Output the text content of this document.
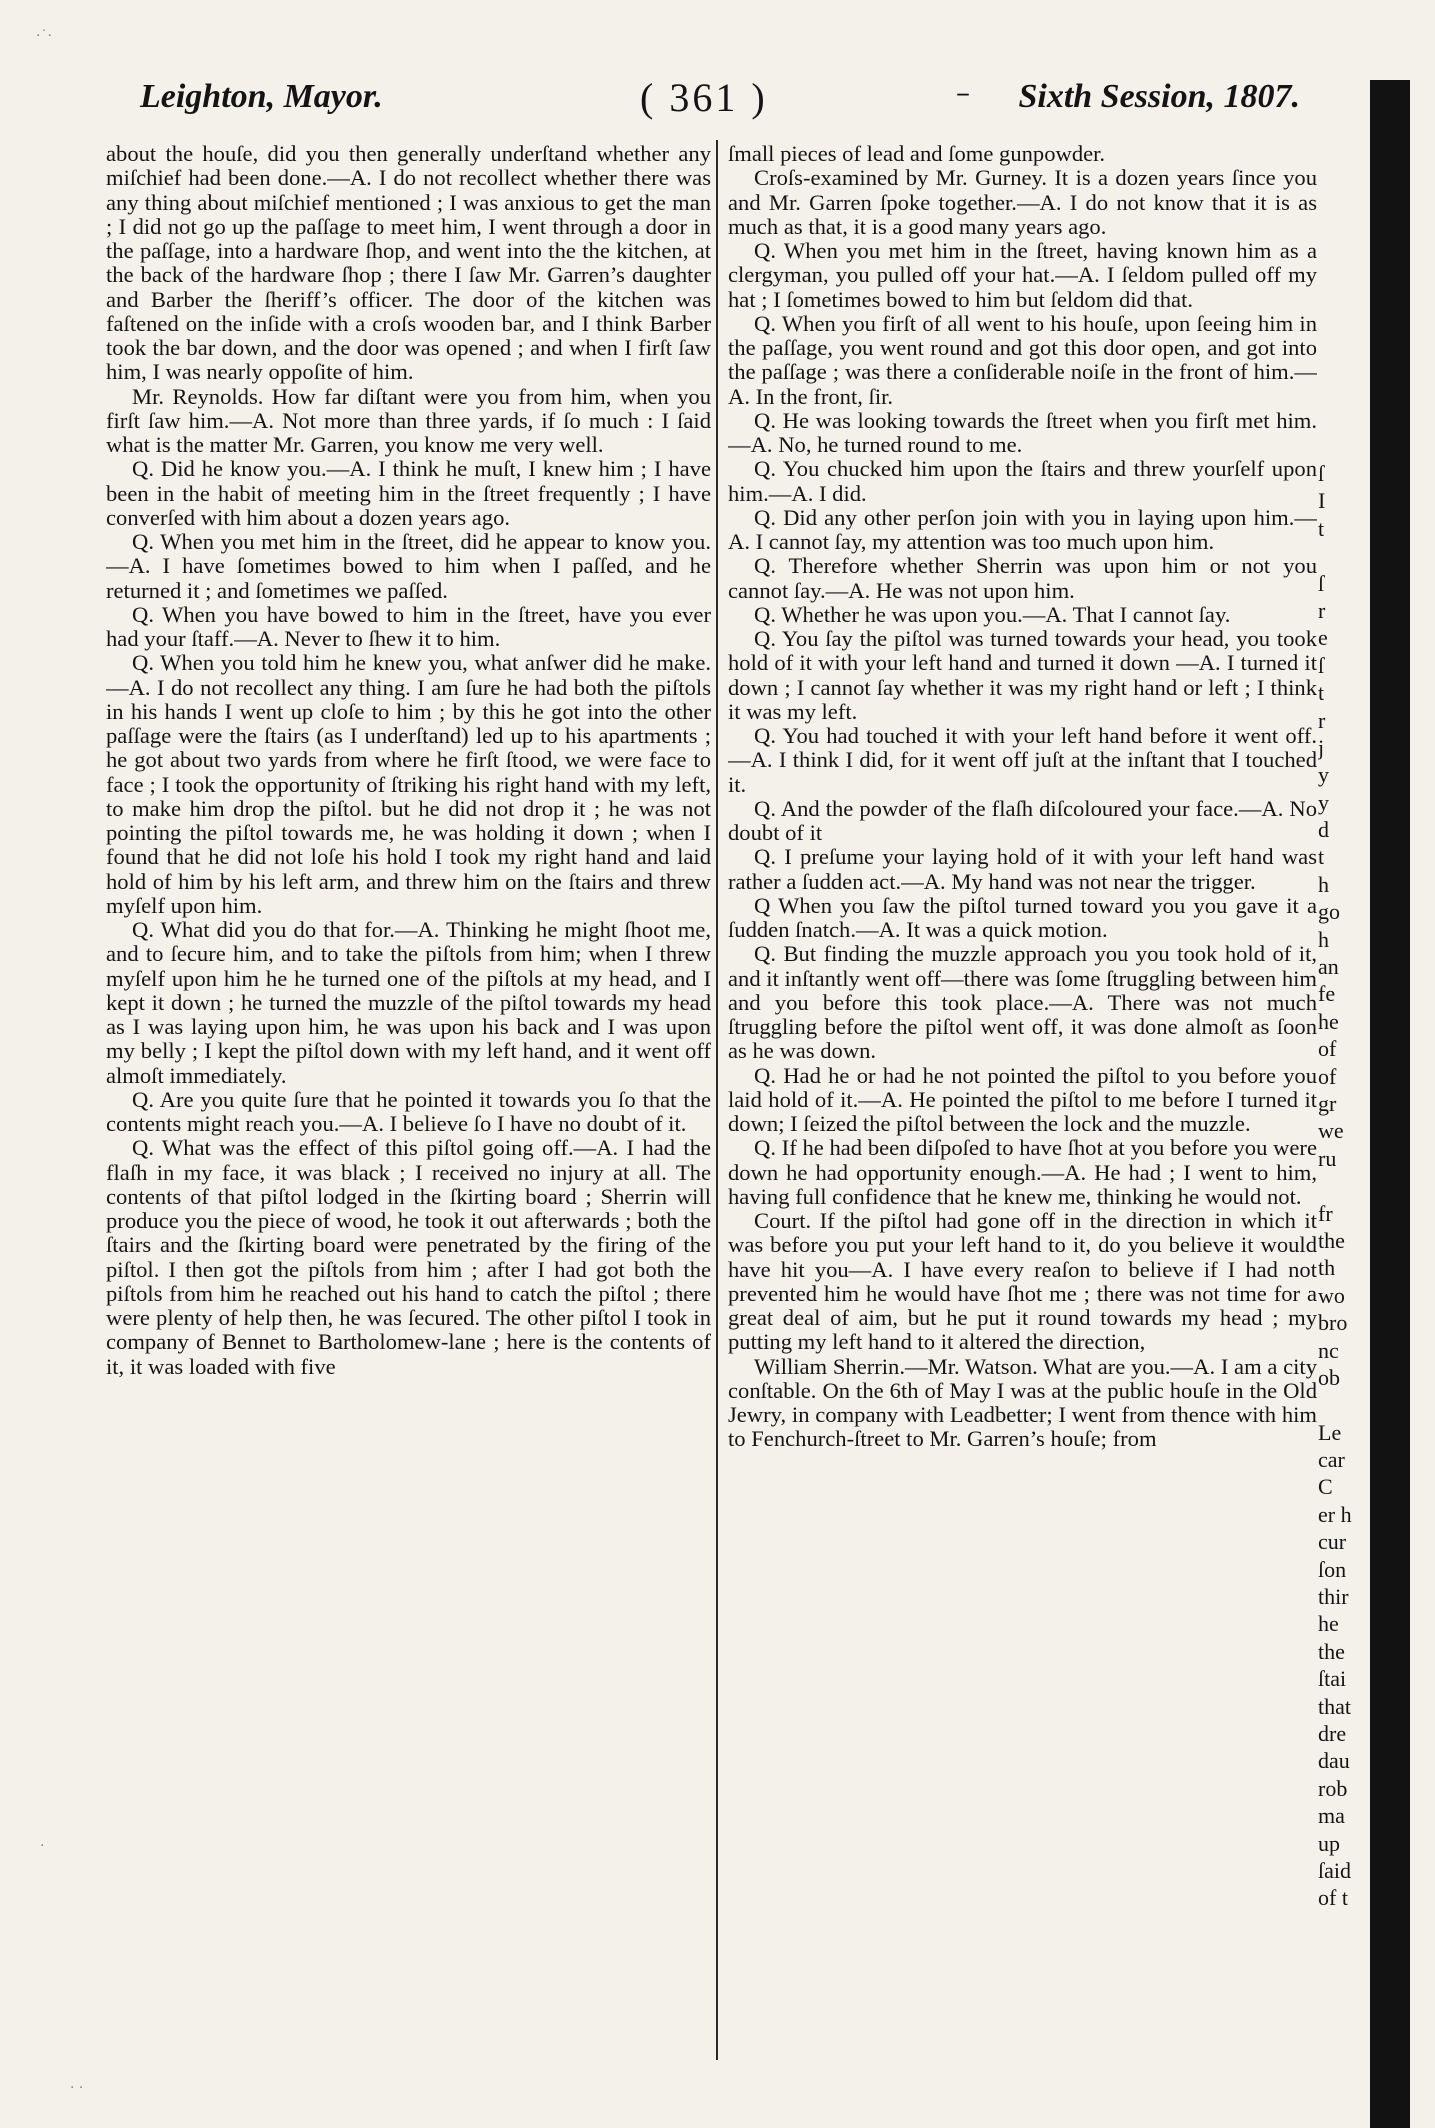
Leighton, Mayor.	( 361 )	– Sixth Session, 1807.

about the houſe, did you then generally underſtand whether any miſchief had been done.—A. I do not recollect whether there was any thing about miſchief mentioned ; I was anxious to get the man ; I did not go up the paſſage to meet him, I went through a door in the paſſage, into a hardware ſhop, and went into the the kitchen, at the back of the hardware ſhop ; there I ſaw Mr. Garren’s daughter and Barber the ſheriff’s officer. The door of the kitchen was faſtened on the inſide with a croſs wooden bar, and I think Barber took the bar down, and the door was opened ; and when I firſt ſaw him, I was nearly oppoſite of him.

Mr. Reynolds. How far diſtant were you from him, when you firſt ſaw him.—A. Not more than three yards, if ſo much : I ſaid what is the matter Mr. Garren, you know me very well.

Q. Did he know you.—A. I think he muſt, I knew him ; I have been in the habit of meeting him in the ſtreet frequently ; I have converſed with him about a dozen years ago.

Q. When you met him in the ſtreet, did he appear to know you.—A. I have ſometimes bowed to him when I paſſed, and he returned it ; and ſometimes we paſſed.

Q. When you have bowed to him in the ſtreet, have you ever had your ſtaff.—A. Never to ſhew it to him.

Q. When you told him he knew you, what anſwer did he make.—A. I do not recollect any thing. I am ſure he had both the piſtols in his hands I went up cloſe to him ; by this he got into the other paſſage were the ſtairs (as I underſtand) led up to his apartments ; he got about two yards from where he firſt ſtood, we were face to face ; I took the opportunity of ſtriking his right hand with my left, to make him drop the piſtol. but he did not drop it ; he was not pointing the piſtol towards me, he was holding it down ; when I found that he did not loſe his hold I took my right hand and laid hold of him by his left arm, and threw him on the ſtairs and threw myſelf upon him.

Q. What did you do that for.—A. Thinking he might ſhoot me, and to ſecure him, and to take the piſtols from him; when I threw myſelf upon him he he turned one of the piſtols at my head, and I kept it down ; he turned the muzzle of the piſtol towards my head as I was laying upon him, he was upon his back and I was upon my belly ; I kept the piſtol down with my left hand, and it went off almoſt immediately.

Q. Are you quite ſure that he pointed it towards you ſo that the contents might reach you.—A. I believe ſo I have no doubt of it.

Q. What was the effect of this piſtol going off.—A. I had the flaſh in my face, it was black ; I received no injury at all. The contents of that piſtol lodged in the ſkirting board ; Sherrin will produce you the piece of wood, he took it out afterwards ; both the ſtairs and the ſkirting board were penetrated by the firing of the piſtol. I then got the piſtols from him ; after I had got both the piſtols from him he reached out his hand to catch the piſtol ; there were plenty of help then, he was ſecured. The other piſtol I took in company of Bennet to Bartholomew-lane ; here is the contents of it, it was loaded with five

ſmall pieces of lead and ſome gunpowder.

Croſs-examined by Mr. Gurney. It is a dozen years ſince you and Mr. Garren ſpoke together.—A. I do not know that it is as much as that, it is a good many years ago.

Q. When you met him in the ſtreet, having known him as a clergyman, you pulled off your hat.—A. I ſeldom pulled off my hat ; I ſometimes bowed to him but ſeldom did that.

Q. When you firſt of all went to his houſe, upon ſeeing him in the paſſage, you went round and got this door open, and got into the paſſage ; was there a conſiderable noiſe in the front of him.—A. In the front, ſir.

Q. He was looking towards the ſtreet when you firſt met him.—A. No, he turned round to me.

Q. You chucked him upon the ſtairs and threw yourſelf upon him.—A. I did.

Q. Did any other perſon join with you in laying upon him.—A. I cannot ſay, my attention was too much upon him.

Q. Therefore whether Sherrin was upon him or not you cannot ſay.—A. He was not upon him.

Q. Whether he was upon you.—A. That I cannot ſay.

Q. You ſay the piſtol was turned towards your head, you took hold of it with your left hand and turned it down —A. I turned it down ; I cannot ſay whether it was my right hand or left ; I think it was my left.

Q. You had touched it with your left hand before it went off.—A. I think I did, for it went off juſt at the inſtant that I touched it.

Q. And the powder of the flaſh diſcoloured your face.—A. No doubt of it

Q. I preſume your laying hold of it with your left hand was rather a ſudden act.—A. My hand was not near the trigger.

Q When you ſaw the piſtol turned toward you you gave it a ſudden ſnatch.—A. It was a quick motion.

Q. But finding the muzzle approach you you took hold of it, and it inſtantly went off—there was ſome ſtruggling between him and you before this took place.—A. There was not much ſtruggling before the piſtol went off, it was done almoſt as ſoon as he was down.

Q. Had he or had he not pointed the piſtol to you before you laid hold of it.—A. He pointed the piſtol to me before I turned it down; I ſeized the piſtol between the lock and the muzzle.

Q. If he had been diſpoſed to have ſhot at you before you were down he had opportunity enough.—A. He had ; I went to him, having full confidence that he knew me, thinking he would not.

Court. If the piſtol had gone off in the direction in which it was before you put your left hand to it, do you believe it would have hit you—A. I have every reaſon to believe if I had not prevented him he would have ſhot me ; there was not time for a great deal of aim, but he put it round towards my head ; my putting my left hand to it altered the direction,

William Sherrin.—Mr. Watson. What are you.—A. I am a city conſtable. On the 6th of May I was at the public houſe in the Old Jewry, in company with Leadbetter; I went from thence with him to Fenchurch-ſtreet to Mr. Garren’s houſe; from

ſ
I
t
ſ
r
e
ſ
t
r
j
y
y
d
t
h
go
h
an
fe
he
of
of
gr
we
ru
fr
the
th
wo
bro
nc
ob
Le
car
C
er h
cur
ſon
thir
he
the
ſtai
that
dre
dau
rob
ma
up
ſaid
of t
·˙·
·
· ·
